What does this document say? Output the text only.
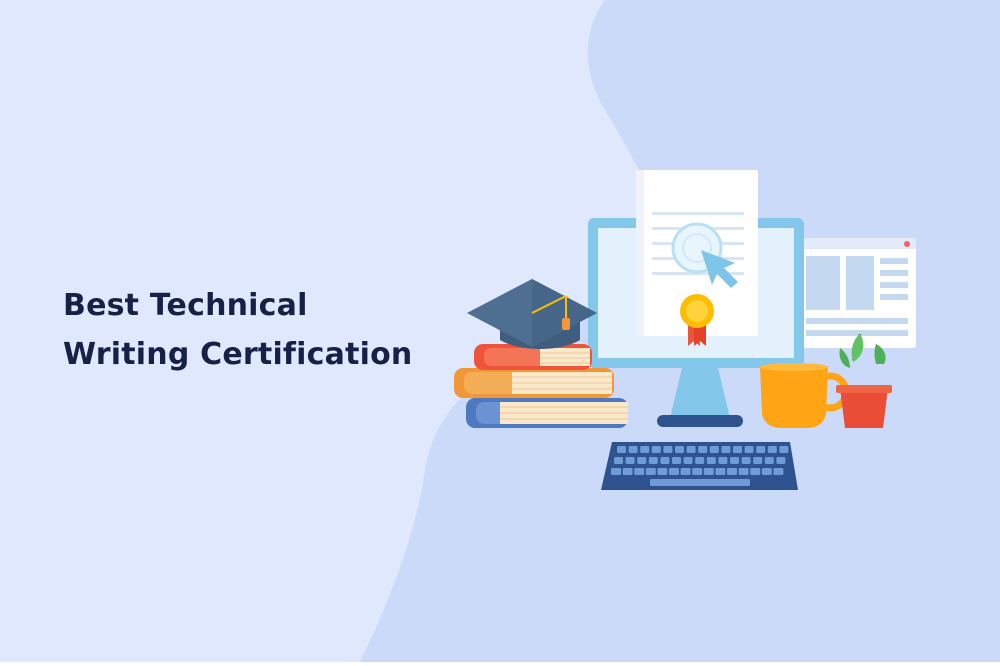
Best Technical
Writing Certification
